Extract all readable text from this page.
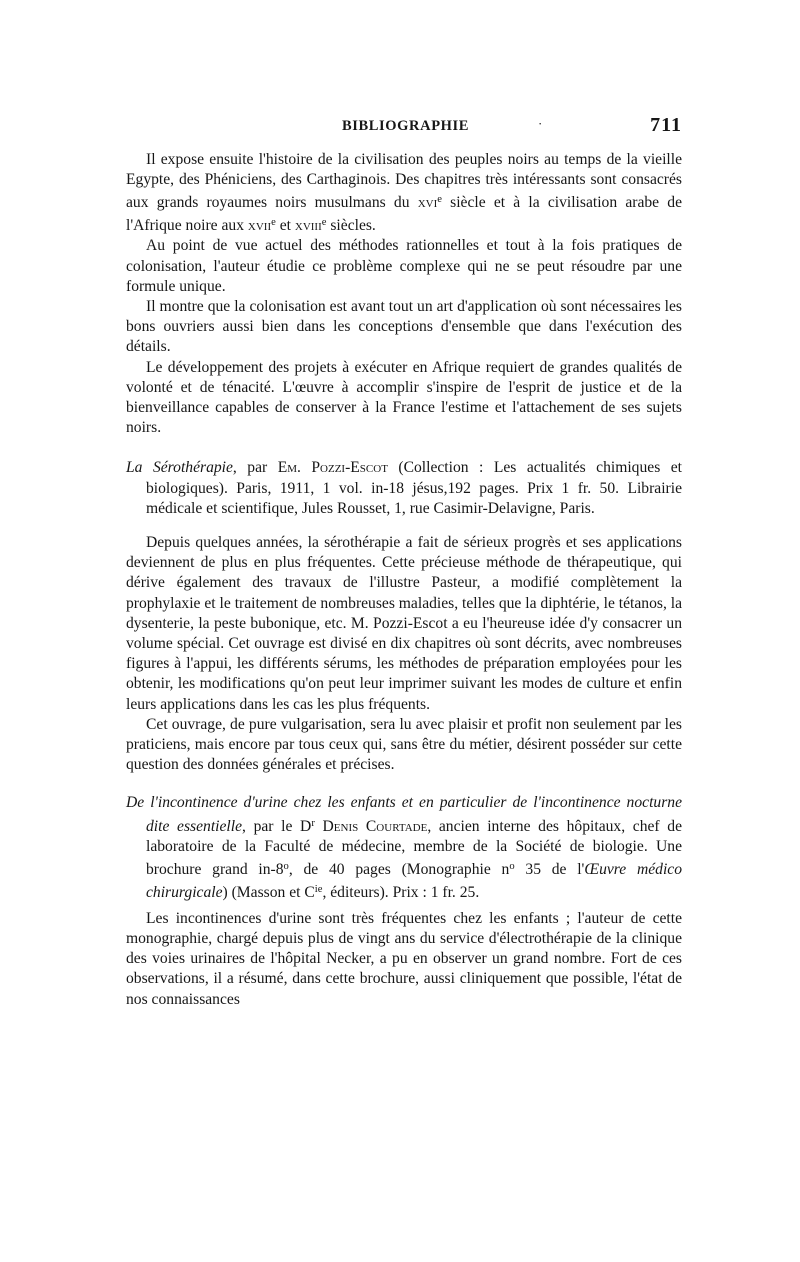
BIBLIOGRAPHIE	·	711

Il expose ensuite l'histoire de la civilisation des peuples noirs au temps de la vieille Egypte, des Phéniciens, des Carthaginois. Des chapitres très intéressants sont consacrés aux grands royaumes noirs musulmans du xvi$^e$ siècle et à la civilisation arabe de l'Afrique noire aux xvii$^e$ et xviii$^e$ siècles.

Au point de vue actuel des méthodes rationnelles et tout à la fois pratiques de colonisation, l'auteur étudie ce problème complexe qui ne se peut résoudre par une formule unique.

Il montre que la colonisation est avant tout un art d'application où sont nécessaires les bons ouvriers aussi bien dans les conceptions d'ensemble que dans l'exécution des détails.

Le développement des projets à exécuter en Afrique requiert de grandes qualités de volonté et de ténacité. L'œuvre à accomplir s'inspire de l'esprit de justice et de la bienveillance capables de conserver à la France l'estime et l'attachement de ses sujets noirs.

La Sérothérapie, par Em. Pozzi-Escot (Collection : Les actualités chimiques et biologiques). Paris, 1911, 1 vol. in-18 jésus,192 pages. Prix 1 fr. 50. Librairie médicale et scientifique, Jules Rousset, 1, rue Casimir-Delavigne, Paris.

Depuis quelques années, la sérothérapie a fait de sérieux progrès et ses applications deviennent de plus en plus fréquentes. Cette précieuse méthode de thérapeutique, qui dérive également des travaux de l'illustre Pasteur, a modifié complètement la prophylaxie et le traitement de nombreuses maladies, telles que la diphtérie, le tétanos, la dysenterie, la peste bubonique, etc. M. Pozzi-Escot a eu l'heureuse idée d'y consacrer un volume spécial. Cet ouvrage est divisé en dix chapitres où sont décrits, avec nombreuses figures à l'appui, les différents sérums, les méthodes de préparation employées pour les obtenir, les modifications qu'on peut leur imprimer suivant les modes de culture et enfin leurs applications dans les cas les plus fréquents.

Cet ouvrage, de pure vulgarisation, sera lu avec plaisir et profit non seulement par les praticiens, mais encore par tous ceux qui, sans être du métier, désirent posséder sur cette question des données générales et précises.

De l'incontinence d'urine chez les enfants et en particulier de l'incontinence nocturne dite essentielle, par le $D^r$ Denis Courtade, ancien interne des hôpitaux, chef de laboratoire de la Faculté de médecine, membre de la Société de biologie. Une brochure grand in-8$^o$, de 40 pages (Monographie $n^o$ 35 de l'Œuvre médico chirurgicale) (Masson et $C^{ie}$, éditeurs). Prix : 1 fr. 25.

Les incontinences d'urine sont très fréquentes chez les enfants ; l'auteur de cette monographie, chargé depuis plus de vingt ans du service d'électrothérapie de la clinique des voies urinaires de l'hôpital Necker, a pu en observer un grand nombre. Fort de ces observations, il a résumé, dans cette brochure, aussi cliniquement que possible, l'état de nos connaissances
